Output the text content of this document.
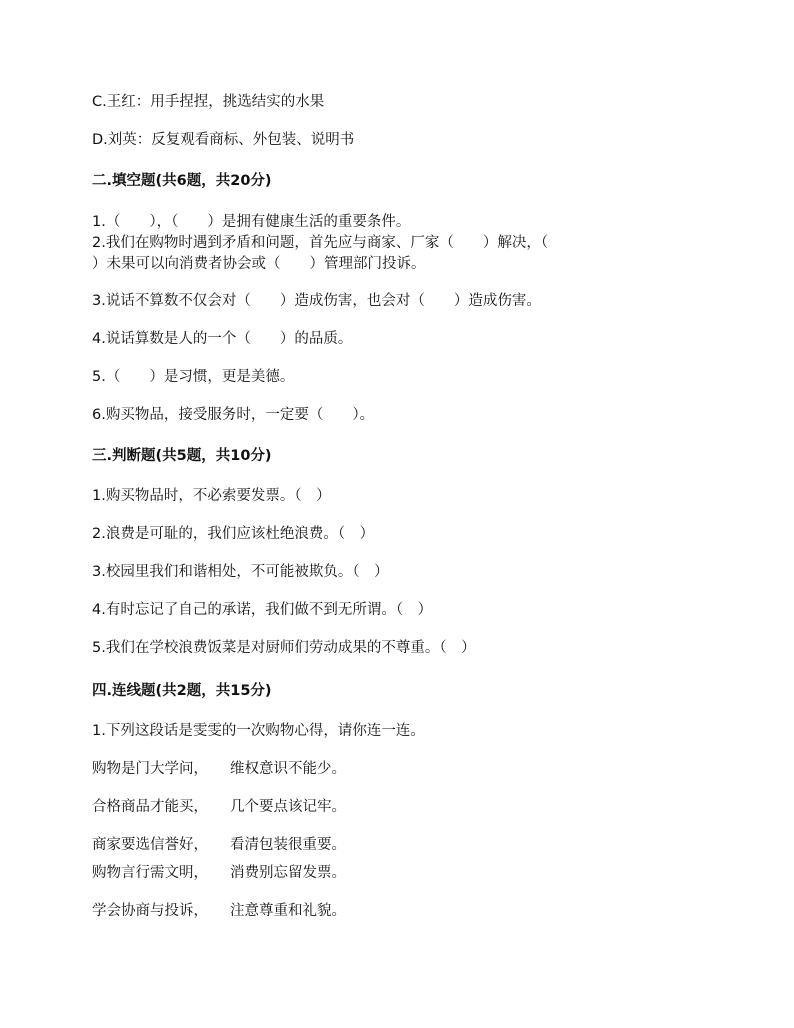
C.王红：用手捏捏，挑选结实的水果
D.刘英：反复观看商标、外包装、说明书
二.填空题(共6题，共20分)
1.（　　），（　　）是拥有健康生活的重要条件。
2.我们在购物时遇到矛盾和问题，首先应与商家、厂家（　　）解决，（
）未果可以向消费者协会或（　　）管理部门投诉。
3.说话不算数不仅会对（　　）造成伤害，也会对（　　）造成伤害。
4.说话算数是人的一个（　　）的品质。
5.（　　）是习惯，更是美德。
6.购买物品，接受服务时，一定要（　　）。
三.判断题(共5题，共10分)
1.购买物品时，不必索要发票。（　）
2.浪费是可耻的，我们应该杜绝浪费。（　）
3.校园里我们和谐相处，不可能被欺负。（　）
4.有时忘记了自己的承诺，我们做不到无所谓。（　）
5.我们在学校浪费饭菜是对厨师们劳动成果的不尊重。（　）
四.连线题(共2题，共15分)
1.下列这段话是雯雯的一次购物心得，请你连一连。
购物是门大学问， 维权意识不能少。
合格商品才能买， 几个要点该记牢。
商家要选信誉好， 看清包装很重要。
购物言行需文明， 消费别忘留发票。
学会协商与投诉， 注意尊重和礼貌。
